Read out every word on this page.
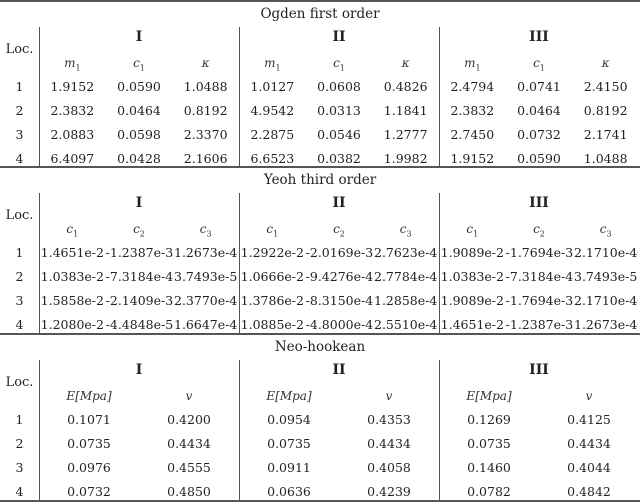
Ogden first order
Loc.
I	II	III
$m_1$	$c_1$	κ	$m_1$	$c_1$	κ	$m_1$	$c_1$	κ
1	1.9152	0.0590	1.0488	1.0127	0.0608	0.4826	2.4794	0.0741	2.4150
2	2.3832	0.0464	0.8192	4.9542	0.0313	1.1841	2.3832	0.0464	0.8192
3	2.0883	0.0598	2.3370	2.2875	0.0546	1.2777	2.7450	0.0732	2.1741
4	6.4097	0.0428	2.1606	6.6523	0.0382	1.9982	1.9152	0.0590	1.0488
Yeoh third order
Loc.
I	II	III
$c_1$	$c_2$	$c_3$	$c_1$	$c_2$	$c_3$	$c_1$	$c_2$	$c_3$
1	1.4651e-2 -1.2387e-3 1.2673e-4 1.2922e-2 -2.0169e-3 2.7623e-4 1.9089e-2 -1.7694e-3 2.1710e-4
2	1.0383e-2 -7.3184e-4 3.7493e-5 1.0666e-2 -9.4276e-4 2.7784e-4 1.0383e-2 -7.3184e-4 3.7493e-5
3	1.5858e-2 -2.1409e-3 2.3770e-4 1.3786e-2 -8.3150e-4 1.2858e-4 1.9089e-2 -1.7694e-3 2.1710e-4
4	1.2080e-2 -4.4848e-5 1.6647e-4 1.0885e-2 -4.8000e-4 2.5510e-4 1.4651e-2 -1.2387e-3 1.2673e-4
Neo-hookean
Loc.
I	II	III
E[Mpa]	v	E[Mpa]	v	E[Mpa]	v
1	0.1071	0.4200	0.0954	0.4353	0.1269	0.4125
2	0.0735	0.4434	0.0735	0.4434	0.0735	0.4434
3	0.0976	0.4555	0.0911	0.4058	0.1460	0.4044
4	0.0732	0.4850	0.0636	0.4239	0.0782	0.4842
